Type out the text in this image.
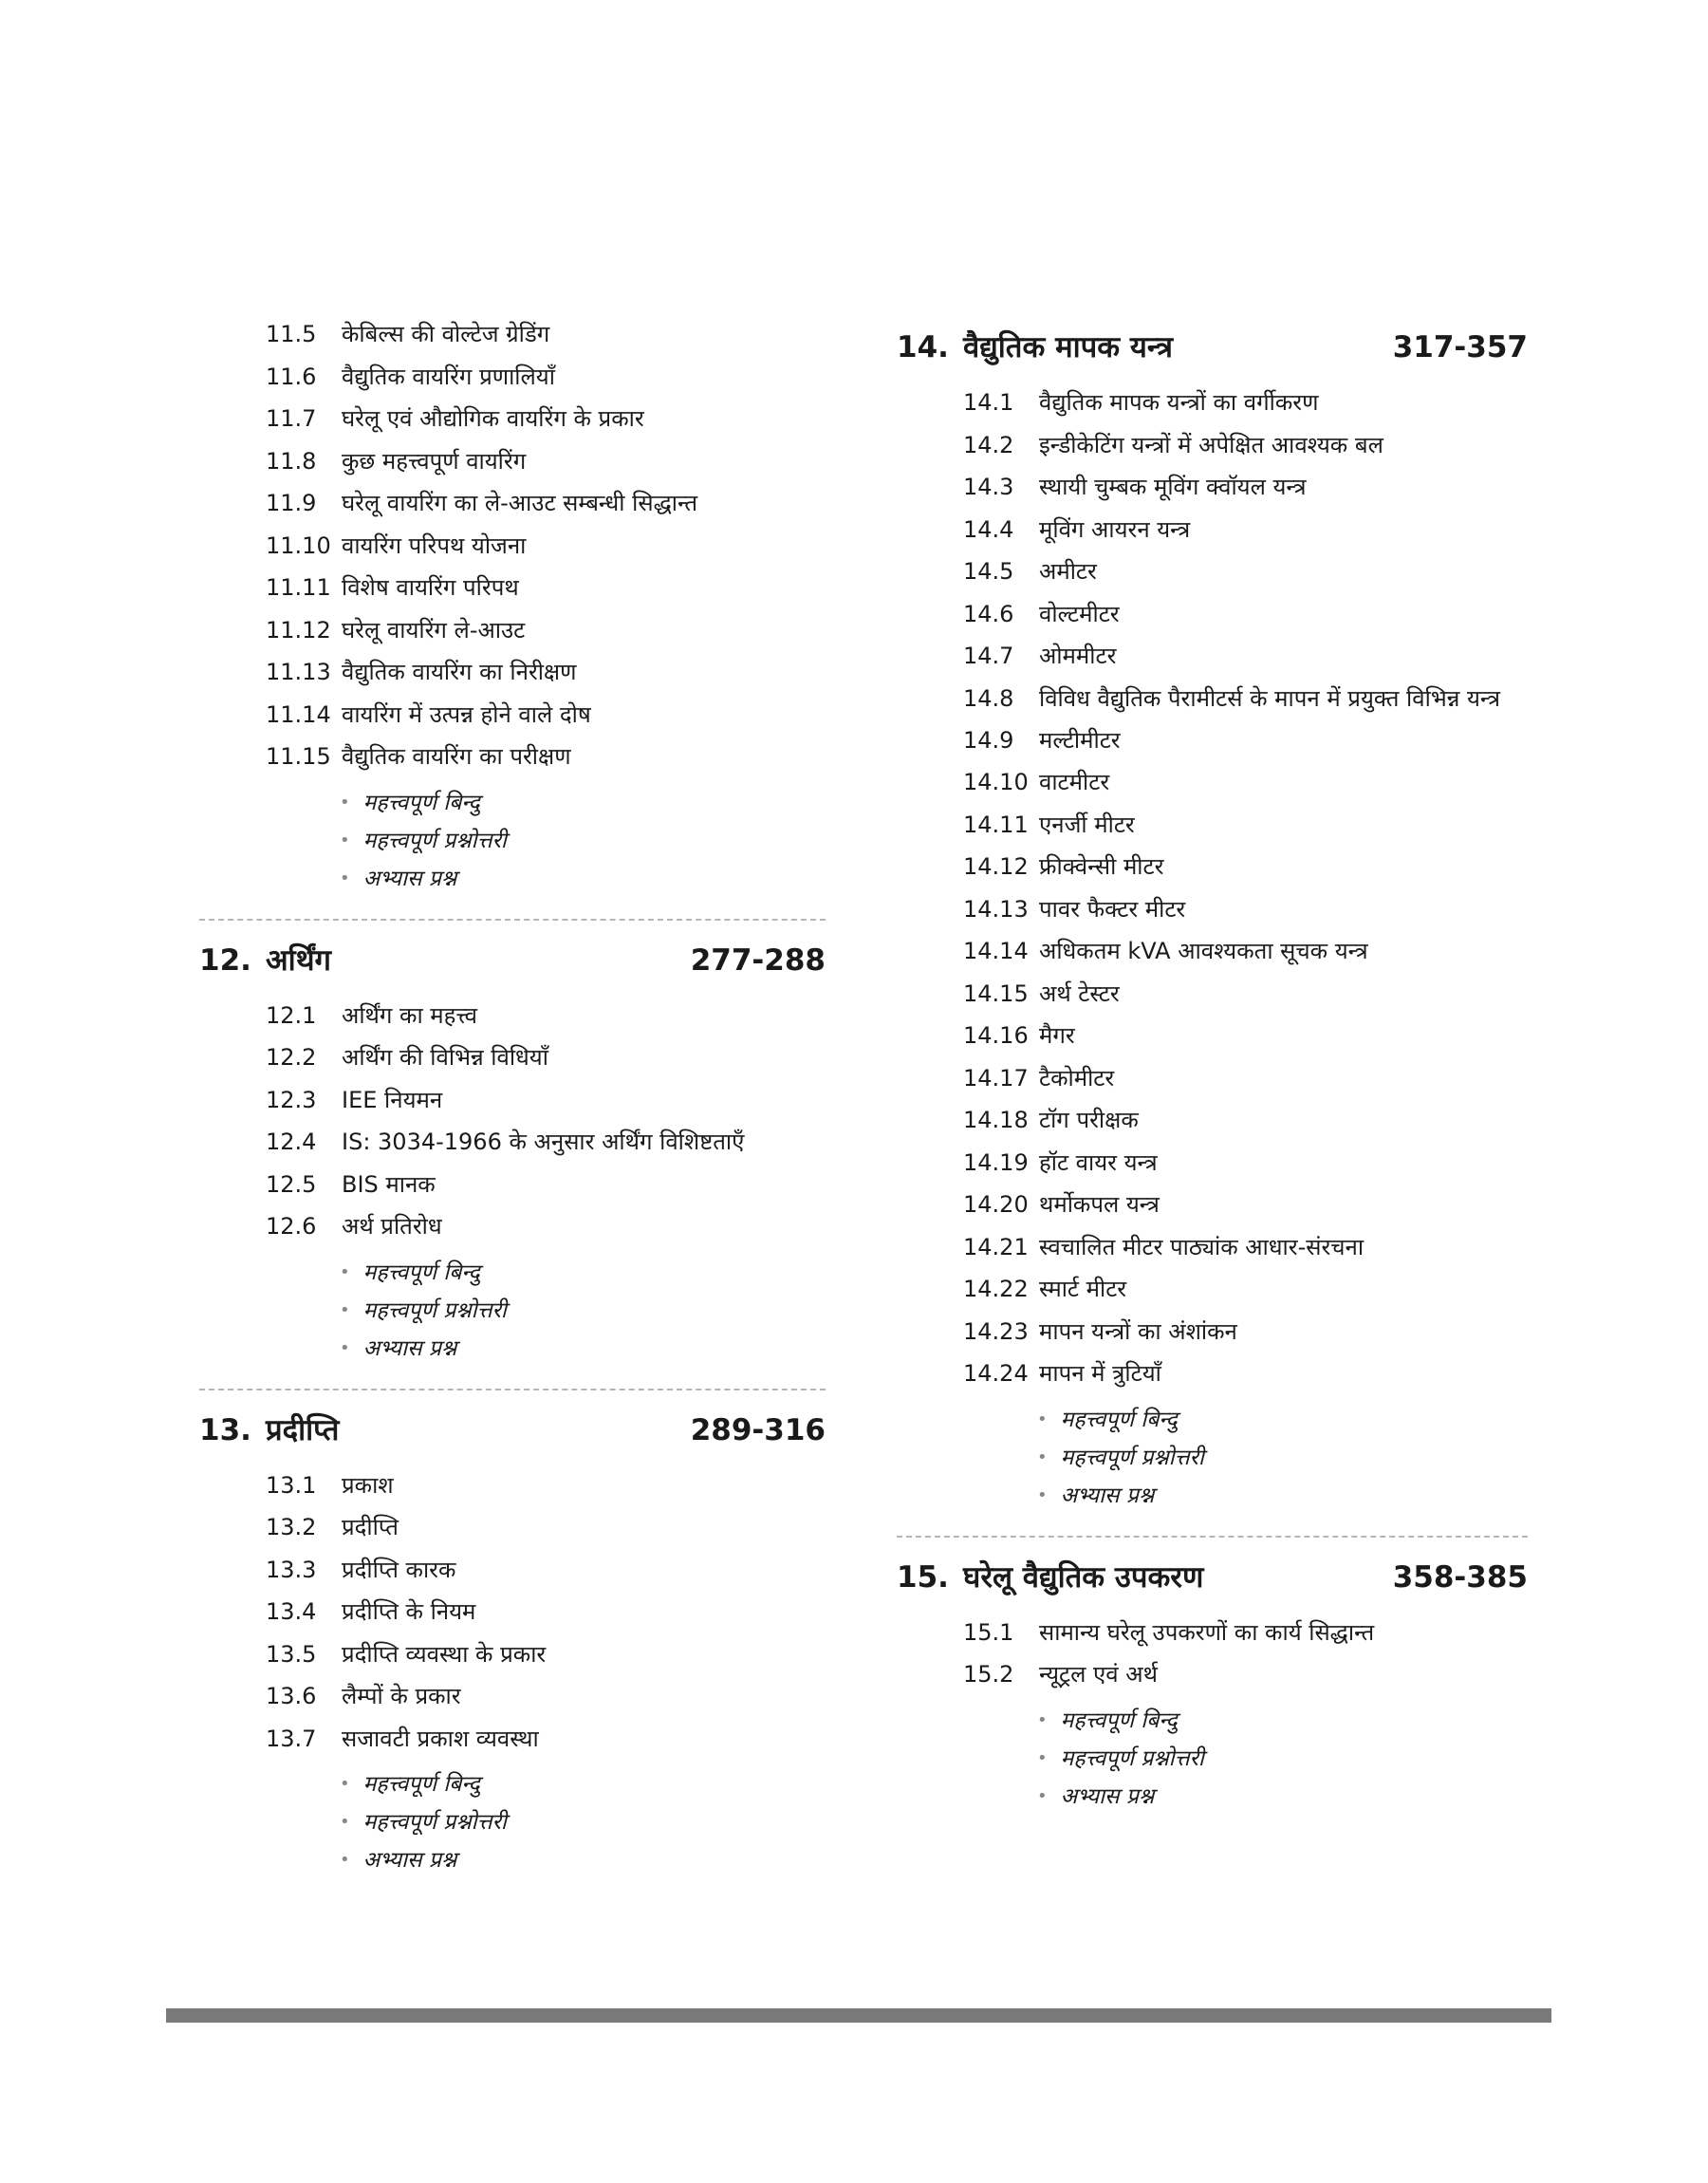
11.5	केबिल्स की वोल्टेज ग्रेडिंग
11.6	वैद्युतिक वायरिंग प्रणालियाँ
11.7	घरेलू एवं औद्योगिक वायरिंग के प्रकार
11.8	कुछ महत्त्वपूर्ण वायरिंग
11.9	घरेलू वायरिंग का ले-आउट सम्बन्धी सिद्धान्त
11.10 वायरिंग परिपथ योजना
11.11 विशेष वायरिंग परिपथ
11.12 घरेलू वायरिंग ले-आउट
11.13 वैद्युतिक वायरिंग का निरीक्षण
11.14 वायरिंग में उत्पन्न होने वाले दोष
11.15 वैद्युतिक वायरिंग का परीक्षण
• महत्त्वपूर्ण बिन्दु
• महत्त्वपूर्ण प्रश्नोत्तरी
• अभ्यास प्रश्न
12. अर्थिंग	277-288
12.1	अर्थिंग का महत्त्व
12.2	अर्थिंग की विभिन्न विधियाँ
12.3	IEE नियमन
12.4	IS: 3034-1966 के अनुसार अर्थिंग विशिष्टताएँ
12.5	BIS मानक
12.6	अर्थ प्रतिरोध
• महत्त्वपूर्ण बिन्दु
• महत्त्वपूर्ण प्रश्नोत्तरी
• अभ्यास प्रश्न
13. प्रदीप्ति	289-316
13.1	प्रकाश
13.2	प्रदीप्ति
13.3	प्रदीप्ति कारक
13.4	प्रदीप्ति के नियम
13.5	प्रदीप्ति व्यवस्था के प्रकार
13.6	लैम्पों के प्रकार
13.7	सजावटी प्रकाश व्यवस्था
• महत्त्वपूर्ण बिन्दु
• महत्त्वपूर्ण प्रश्नोत्तरी
• अभ्यास प्रश्न
14. वैद्युतिक मापक यन्त्र	317-357
14.1	वैद्युतिक मापक यन्त्रों का वर्गीकरण
14.2	इन्डीकेटिंग यन्त्रों में अपेक्षित आवश्यक बल
14.3	स्थायी चुम्बक मूविंग क्वॉयल यन्त्र
14.4	मूविंग आयरन यन्त्र
14.5	अमीटर
14.6	वोल्टमीटर
14.7	ओममीटर
14.8	विविध वैद्युतिक पैरामीटर्स के मापन में प्रयुक्त विभिन्न यन्त्र
14.9	मल्टीमीटर
14.10 वाटमीटर
14.11 एनर्जी मीटर
14.12 फ्रीक्वेन्सी मीटर
14.13 पावर फैक्टर मीटर
14.14 अधिकतम kVA आवश्यकता सूचक यन्त्र
14.15 अर्थ टेस्टर
14.16 मैगर
14.17 टैकोमीटर
14.18 टॉग परीक्षक
14.19 हॉट वायर यन्त्र
14.20 थर्मोकपल यन्त्र
14.21 स्वचालित मीटर पाठ्यांक आधार-संरचना
14.22 स्मार्ट मीटर
14.23 मापन यन्त्रों का अंशांकन
14.24 मापन में त्रुटियाँ
• महत्त्वपूर्ण बिन्दु
• महत्त्वपूर्ण प्रश्नोत्तरी
• अभ्यास प्रश्न
15. घरेलू वैद्युतिक उपकरण	358-385
15.1	सामान्य घरेलू उपकरणों का कार्य सिद्धान्त
15.2	न्यूट्रल एवं अर्थ
• महत्त्वपूर्ण बिन्दु
• महत्त्वपूर्ण प्रश्नोत्तरी
• अभ्यास प्रश्न
